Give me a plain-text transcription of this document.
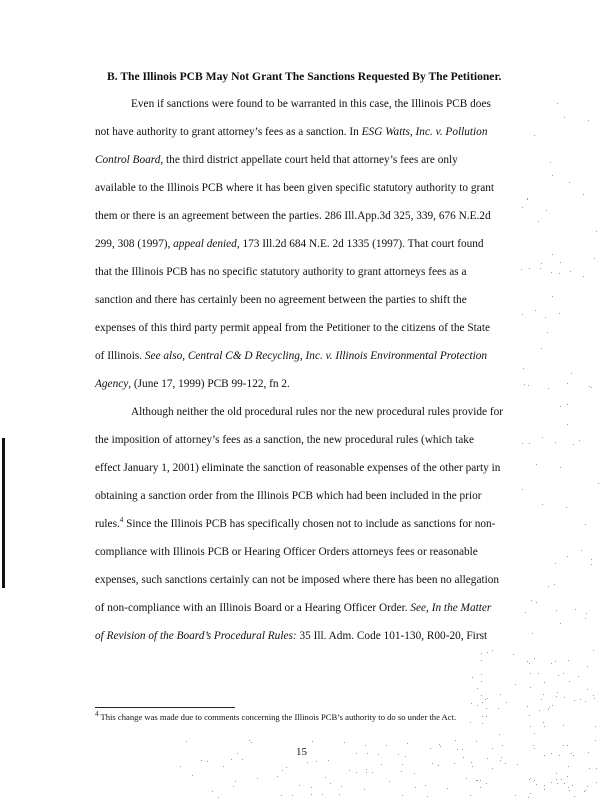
B. The Illinois PCB May Not Grant The Sanctions Requested By The Petitioner.
Even if sanctions were found to be warranted in this case, the Illinois PCB does
not have authority to grant attorney’s fees as a sanction. In ESG Watts, Inc. v. Pollution
Control Board, the third district appellate court held that attorney’s fees are only
available to the Illinois PCB where it has been given specific statutory authority to grant
them or there is an agreement between the parties. 286 Ill.App.3d 325, 339, 676 N.E.2d
299, 308 (1997), appeal denied, 173 Ill.2d 684 N.E. 2d 1335 (1997). That court found
that the Illinois PCB has no specific statutory authority to grant attorneys fees as a
sanction and there has certainly been no agreement between the parties to shift the
expenses of this third party permit appeal from the Petitioner to the citizens of the State
of Illinois. See also, Central C& D Recycling, Inc. v. Illinois Environmental Protection
Agency, (June 17, 1999) PCB 99-122, fn 2.
Although neither the old procedural rules nor the new procedural rules provide for
the imposition of attorney’s fees as a sanction, the new procedural rules (which take
effect January 1, 2001) eliminate the sanction of reasonable expenses of the other party in
obtaining a sanction order from the Illinois PCB which had been included in the prior
rules.$^4$ Since the Illinois PCB has specifically chosen not to include as sanctions for non-
compliance with Illinois PCB or Hearing Officer Orders attorneys fees or reasonable
expenses, such sanctions certainly can not be imposed where there has been no allegation
of non-compliance with an Illinois Board or a Hearing Officer Order. See, In the Matter
of Revision of the Board’s Procedural Rules: 35 Ill. Adm. Code 101-130, R00-20, First
$^4$ This change was made due to comments concerning the Illinois PCB’s authority to do so under the Act.
15
